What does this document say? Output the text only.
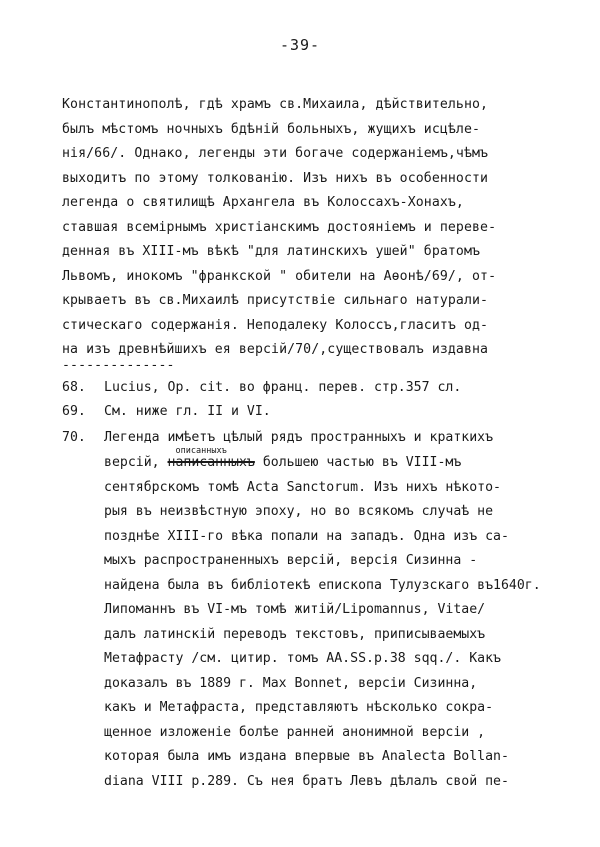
-39-
Константинополѣ, гдѣ храмъ св.Михаила, дѣйствительно,
былъ мѣстомъ ночныхъ бдѣній больныхъ, жущихъ исцѣле-
нія/66/. Однако, легенды эти богаче содержаніемъ,чѣмъ
выходитъ по этому толкованію. Изъ нихъ въ особенности
легенда о святилищѣ Архангела въ Колоссахъ-Хонахъ,
ставшая всемірнымъ христіанскимъ достояніемъ и переве-
денная въ XIII-мъ вѣкѣ "для латинскихъ ушей" братомъ
Львомъ, инокомъ "франкской " обители на Аөонѣ/69/, от-
крываетъ въ св.Михаилѣ присутствіе сильнаго натурали-
стическаго содержанія. Неподалеку Колоссъ,гласитъ од-
на изъ древнѣйшихъ ея версій/70/,существовалъ издавна
--------------
68. Lucius, Op. cit. во франц. перев. стр.357 сл.
69. См. ниже гл. II и VI.
70. Легенда имѣетъ цѣлый рядъ пространныхъ и краткихъ
версій,
описанныхъ
написанныхъ большею частью въ VIII-мъ
сентябрскомъ томѣ Acta Sanctorum. Изъ нихъ нѣкото-
рыя въ неизвѣстную эпоху, но во всякомъ случаѣ не
позднѣе XIII-го вѣка попали на западъ. Одна изъ са-
мыхъ распространенныхъ версій, версія Сизинна -
найдена была въ библіотекѣ епископа Тулузскаго въ1640г.
Липоманнъ въ VI-мъ томѣ житій/Lipomannus, Vitae/
далъ латинскій переводъ текстовъ, приписываемыхъ
Метафрасту /см. цитир. томъ AA.SS.p.38 sqq./. Какъ
доказалъ въ 1889 г. Max Bonnet, версіи Сизинна,
какъ и Метафраста, представляютъ нѣсколько сокра-
щенное изложеніе болѣе ранней анонимной версіи ,
которая была имъ издана впервые въ Analecta Bollan-
diana VIII p.289. Съ нея братъ Левъ дѣлалъ свой пе-
